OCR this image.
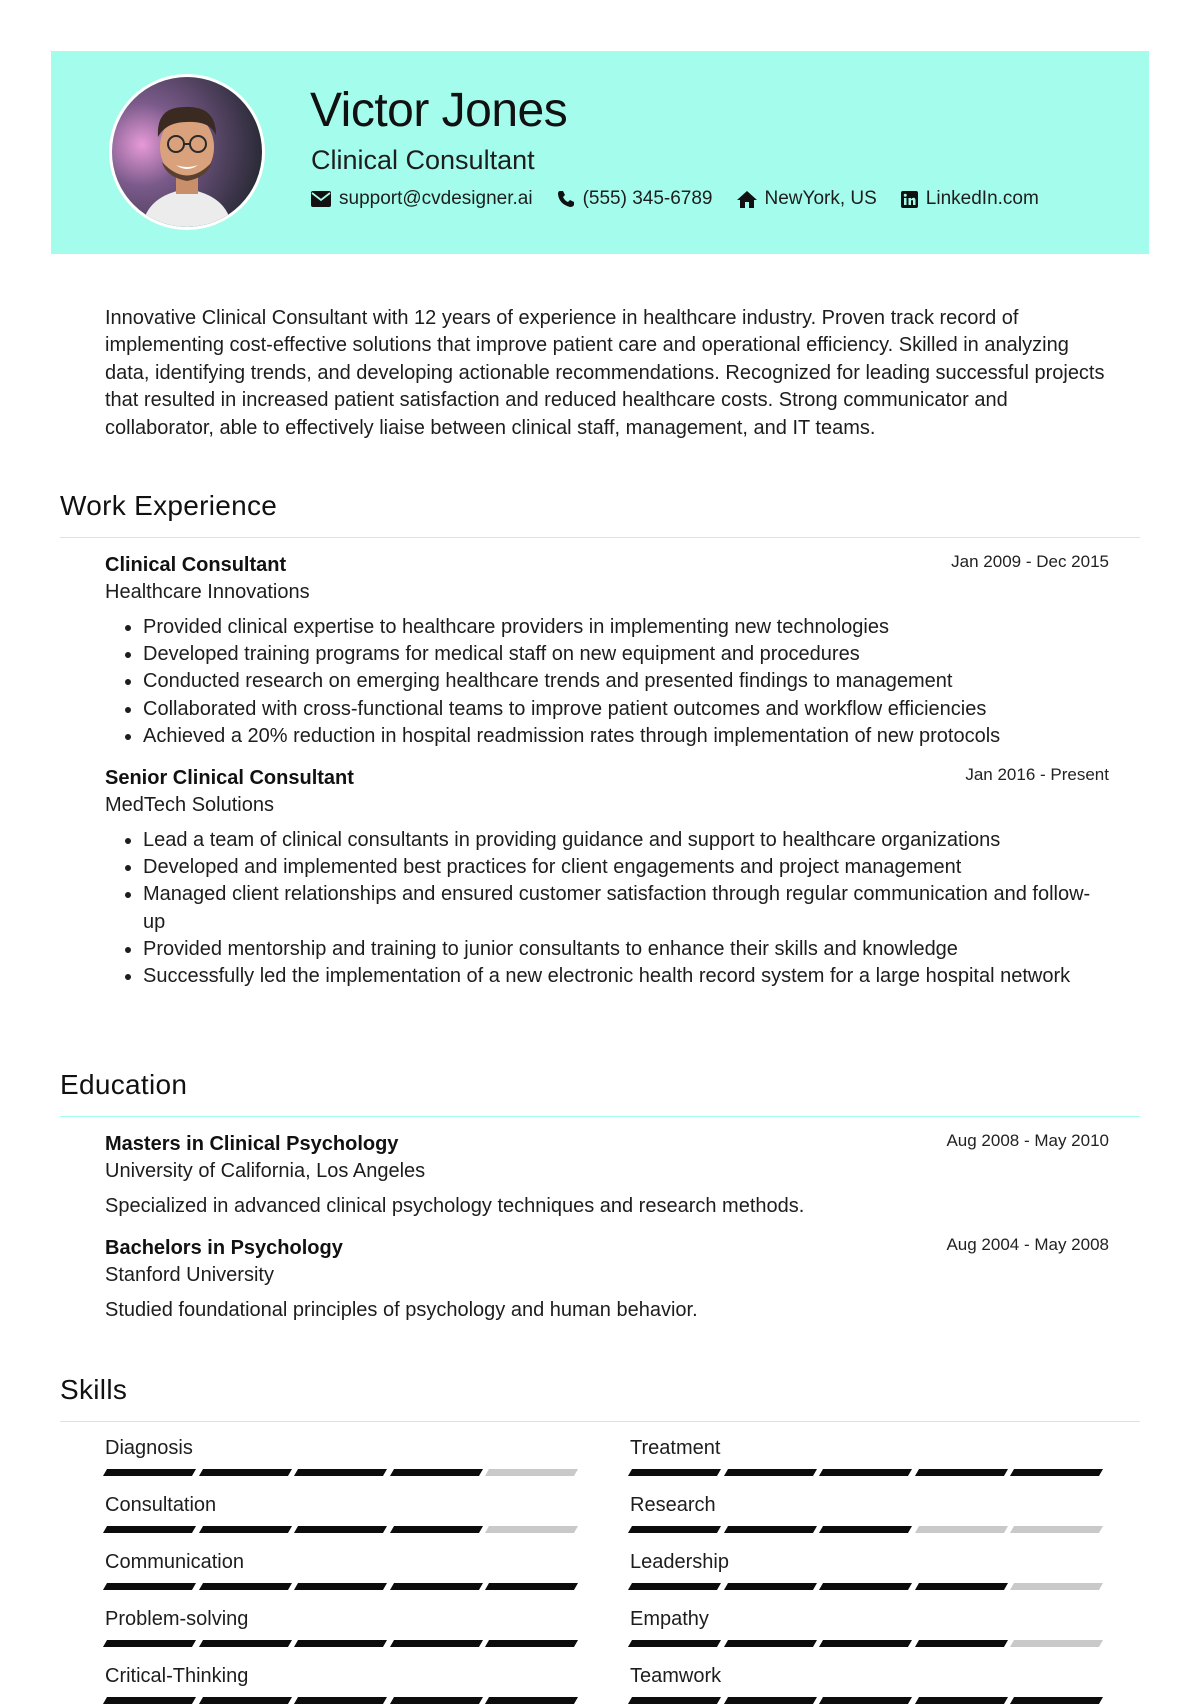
Victor Jones
Clinical Consultant
support@cvdesigner.ai	(555) 345-6789	NewYork, US	LinkedIn.com
Innovative Clinical Consultant with 12 years of experience in healthcare industry. Proven track record of implementing cost-effective solutions that improve patient care and operational efficiency. Skilled in analyzing data, identifying trends, and developing actionable recommendations. Recognized for leading successful projects that resulted in increased patient satisfaction and reduced healthcare costs. Strong communicator and collaborator, able to effectively liaise between clinical staff, management, and IT teams.
Work Experience
Clinical Consultant
Healthcare Innovations
Jan 2009 - Dec 2015
• Provided clinical expertise to healthcare providers in implementing new technologies
• Developed training programs for medical staff on new equipment and procedures
• Conducted research on emerging healthcare trends and presented findings to management
• Collaborated with cross-functional teams to improve patient outcomes and workflow efficiencies
• Achieved a 20% reduction in hospital readmission rates through implementation of new protocols
Senior Clinical Consultant
MedTech Solutions
Jan 2016 - Present
• Lead a team of clinical consultants in providing guidance and support to healthcare organizations
• Developed and implemented best practices for client engagements and project management
• Managed client relationships and ensured customer satisfaction through regular communication and follow-up
• Provided mentorship and training to junior consultants to enhance their skills and knowledge
• Successfully led the implementation of a new electronic health record system for a large hospital network
Education
Masters in Clinical Psychology
University of California, Los Angeles
Aug 2008 - May 2010
Specialized in advanced clinical psychology techniques and research methods.
Bachelors in Psychology
Stanford University
Aug 2004 - May 2008
Studied foundational principles of psychology and human behavior.
Skills
Diagnosis	Treatment
Consultation	Research
Communication	Leadership
Problem-solving	Empathy
Critical-Thinking	Teamwork
